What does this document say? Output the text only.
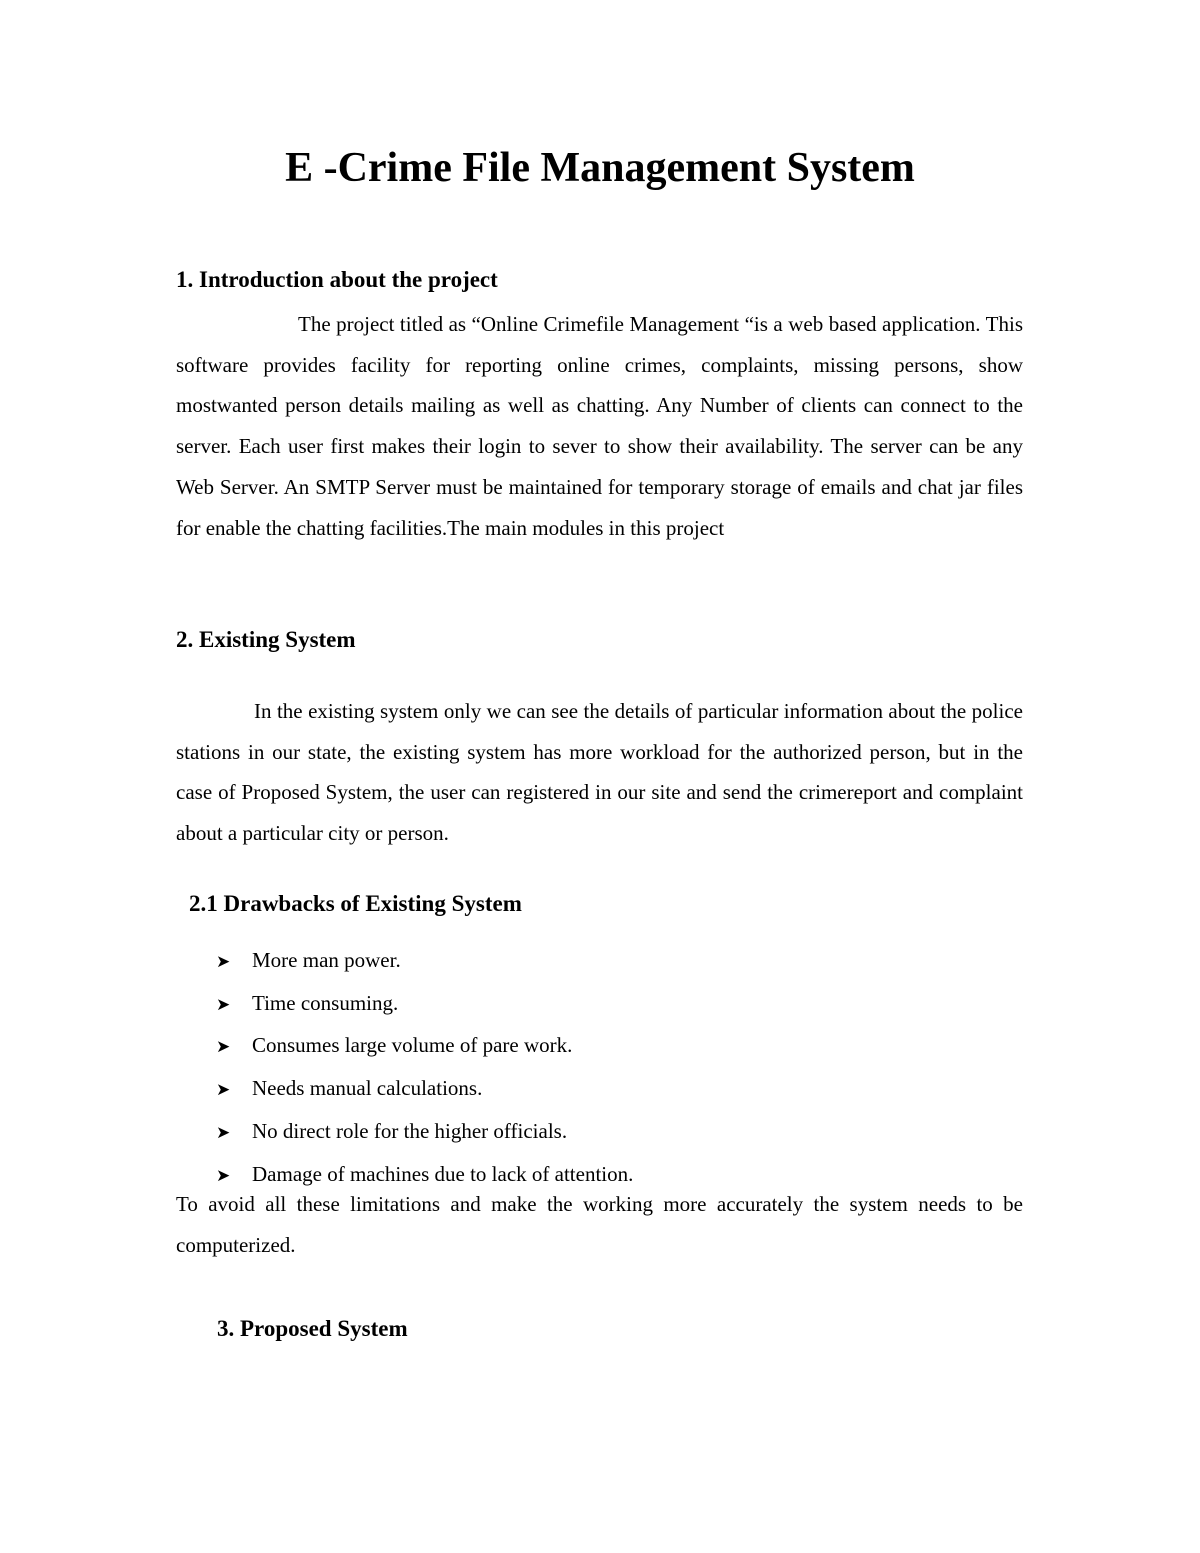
E -Crime File Management System
1. Introduction about the project

The project titled as “Online Crimefile Management “is a web based application. This software provides facility for reporting online crimes, complaints, missing persons, show mostwanted person details mailing as well as chatting. Any Number of clients can connect to the server. Each user first makes their login to sever to show their availability. The server can be any Web Server. An SMTP Server must be maintained for temporary storage of emails and chat jar files for enable the chatting facilities.The main modules in this project

2. Existing System

In the existing system only we can see the details of particular information about the police stations in our state, the existing system has more workload for the authorized person, but in the case of Proposed System, the user can registered in our site and send the crimereport and complaint about a particular city or person.

2.1 Drawbacks of Existing System
➤	More man power.
➤	Time consuming.
➤	Consumes large volume of pare work.
➤	Needs manual calculations.
➤	No direct role for the higher officials.
➤	Damage of machines due to lack of attention.

To avoid all these limitations and make the working more accurately the system needs to be computerized.

3. Proposed System
